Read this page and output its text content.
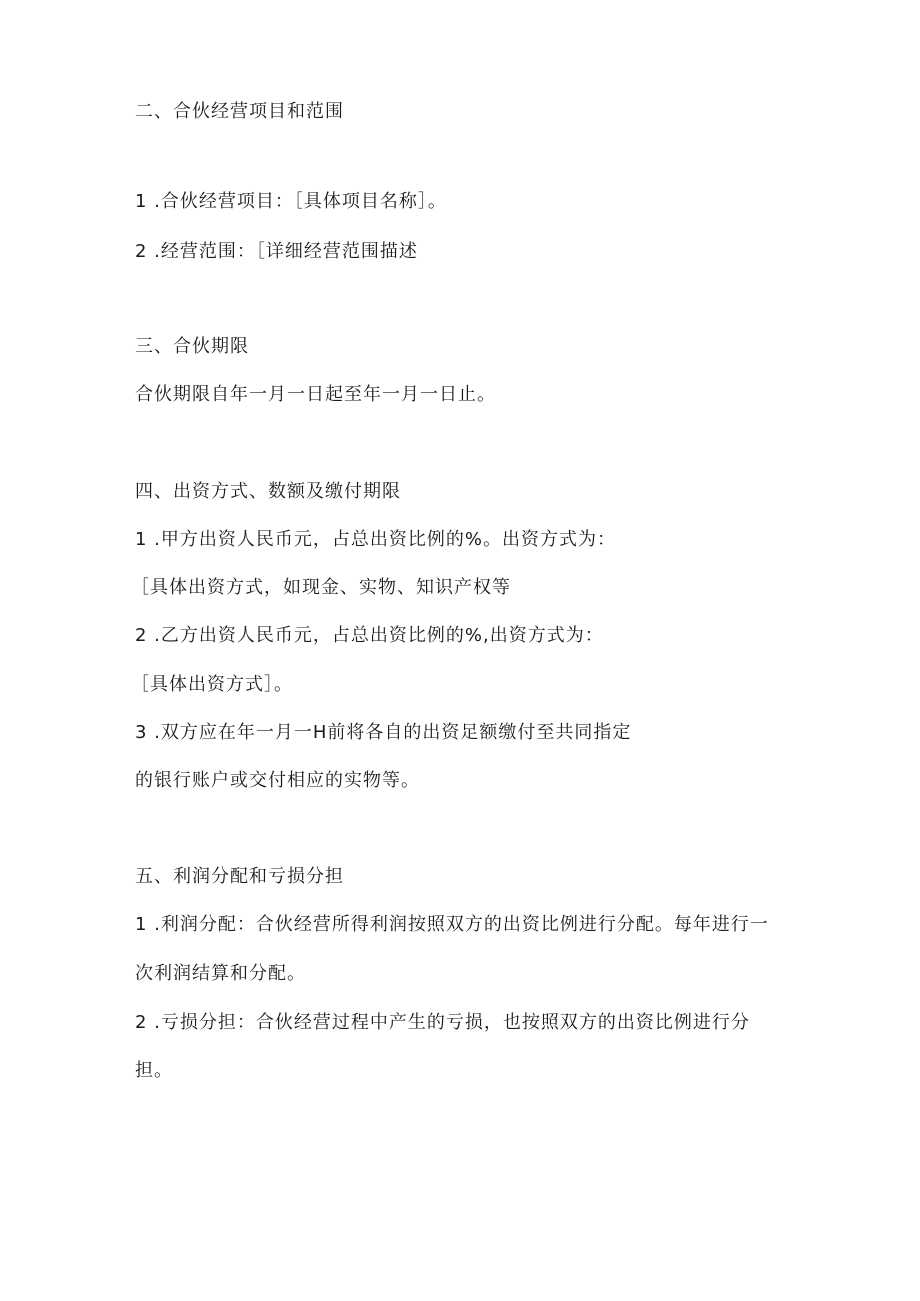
二、合伙经营项目和范围
1 .合伙经营项目：［具体项目名称］。
2 .经营范围：［详细经营范围描述
三、合伙期限
合伙期限自年一月一日起至年一月一日止。
四、出资方式、数额及缴付期限
1 .甲方出资人民币元，占总出资比例的%。出资方式为：
［具体出资方式，如现金、实物、知识产权等
2 .乙方出资人民币元，占总出资比例的%,出资方式为：
［具体出资方式］。
3 .双方应在年一月一H前将各自的出资足额缴付至共同指定
的银行账户或交付相应的实物等。
五、利润分配和亏损分担
1 .利润分配：合伙经营所得利润按照双方的出资比例进行分配。每年进行一
次利润结算和分配。
2 .亏损分担：合伙经营过程中产生的亏损，也按照双方的出资比例进行分
担。
